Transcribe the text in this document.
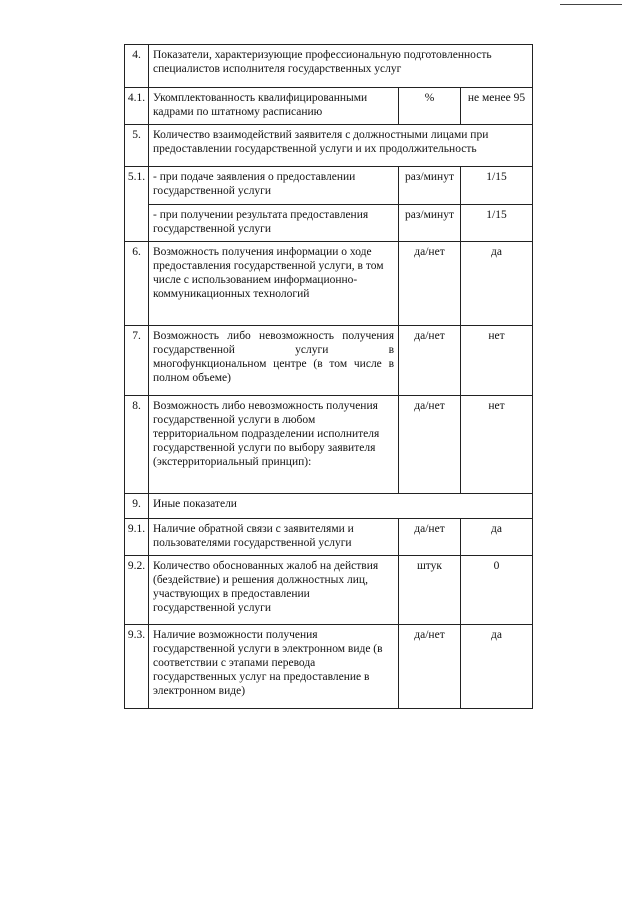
4.	Показатели, характеризующие профессиональную подготовленность специалистов исполнителя государственных услуг		
4.1.	Укомплектованность квалифицированными кадрами по штатному расписанию	%	не менее 95
5.	Количество взаимодействий заявителя с должностными лицами при предоставлении государственной услуги и их продолжительность		
5.1.	- при подаче заявления о предоставлении государственной услуги	раз/минут	1/15
	- при получении результата предоставления государственной услуги	раз/минут	1/15
6.	Возможность получения информации о ходе предоставления государственной услуги, в том числе с использованием информационно-коммуникационных технологий	да/нет	да
7.	Возможность либо невозможность получения государственной услуги в многофункциональном центре (в том числе в полном объеме)	да/нет	нет
8.	Возможность либо невозможность получения государственной услуги в любом территориальном подразделении исполнителя государственной услуги по выбору заявителя (экстерриториальный принцип):	да/нет	нет
9.	Иные показатели		
9.1.	Наличие обратной связи с заявителями и пользователями государственной услуги	да/нет	да
9.2.	Количество обоснованных жалоб на действия (бездействие) и решения должностных лиц, участвующих в предоставлении государственной услуги	штук	0
9.3.	Наличие возможности получения государственной услуги в электронном виде (в соответствии с этапами перевода государственных услуг на предоставление в электронном виде)	да/нет	да
